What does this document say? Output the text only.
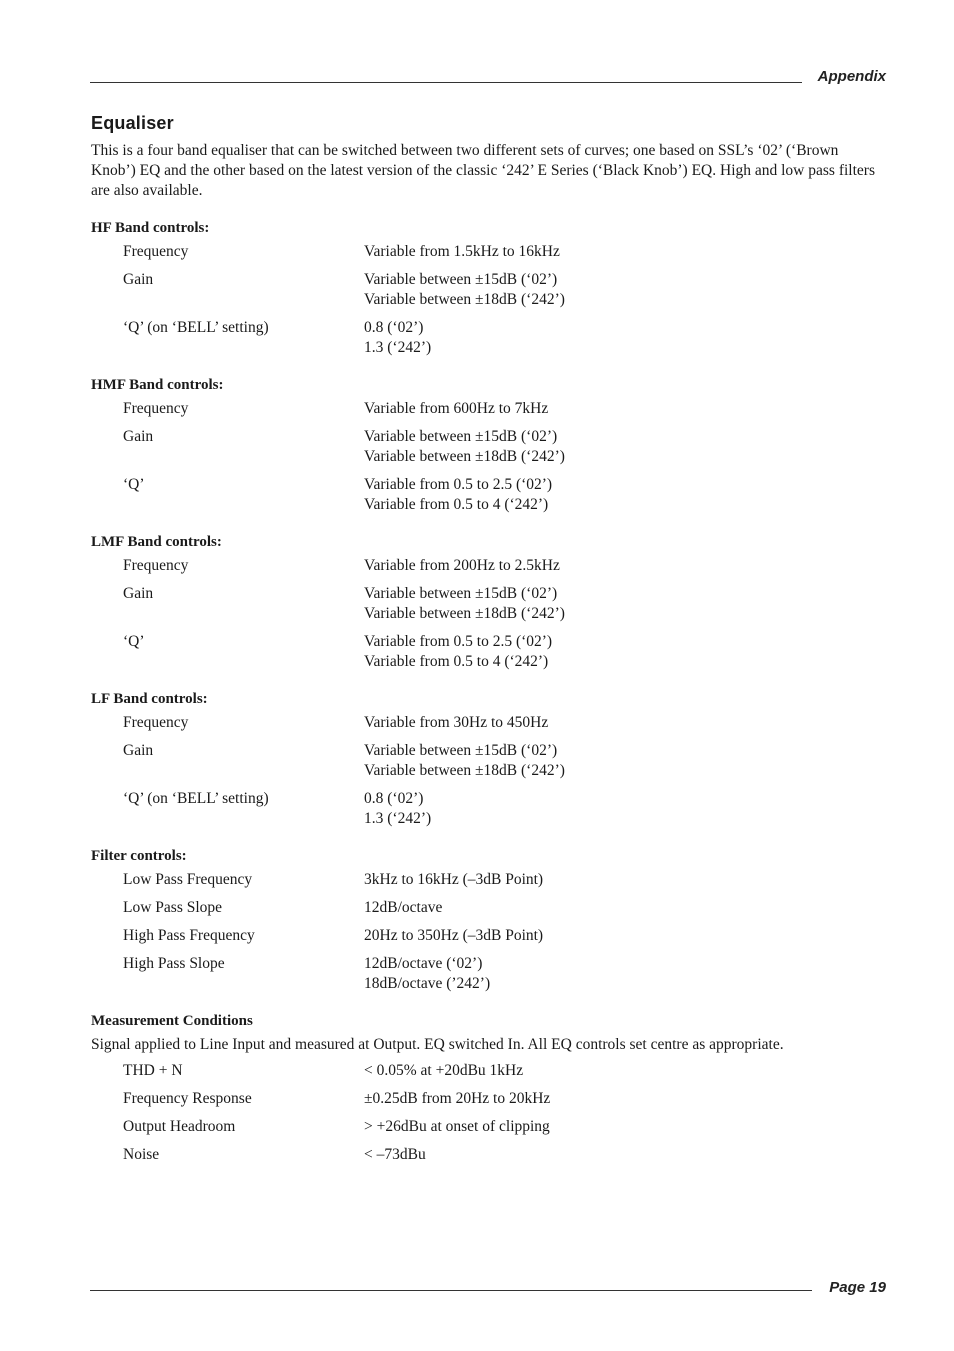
Appendix
Equaliser

This is a four band equaliser that can be switched between two different sets of curves; one based on SSL’s ‘02’ (‘Brown Knob’) EQ and the other based on the latest version of the classic ‘242’ E Series (‘Black Knob’) EQ. High and low pass filters are also available.

HF Band controls:
Frequency	Variable from 1.5kHz to 16kHz
Gain	Variable between ±15dB (‘02’)
Variable between ±18dB (‘242’)
‘Q’ (on ‘BELL’ setting)	0.8 (‘02’)
1.3 (‘242’)
HMF Band controls:
Frequency	Variable from 600Hz to 7kHz
Gain	Variable between ±15dB (‘02’)
Variable between ±18dB (‘242’)
‘Q’	Variable from 0.5 to 2.5 (‘02’)
Variable from 0.5 to 4 (‘242’)
LMF Band controls:
Frequency	Variable from 200Hz to 2.5kHz
Gain	Variable between ±15dB (‘02’)
Variable between ±18dB (‘242’)
‘Q’	Variable from 0.5 to 2.5 (‘02’)
Variable from 0.5 to 4 (‘242’)
LF Band controls:
Frequency	Variable from 30Hz to 450Hz
Gain	Variable between ±15dB (‘02’)
Variable between ±18dB (‘242’)
‘Q’ (on ‘BELL’ setting)	0.8 (‘02’)
1.3 (‘242’)
Filter controls:
Low Pass Frequency	3kHz to 16kHz (–3dB Point)
Low Pass Slope	12dB/octave
High Pass Frequency	20Hz to 350Hz (–3dB Point)
High Pass Slope	12dB/octave (‘02’)
18dB/octave (’242’)
Measurement Conditions

Signal applied to Line Input and measured at Output. EQ switched In. All EQ controls set centre as appropriate.

THD + N	< 0.05% at +20dBu 1kHz
Frequency Response	±0.25dB from 20Hz to 20kHz
Output Headroom	> +26dBu at onset of clipping
Noise	< –73dBu
Page 19
